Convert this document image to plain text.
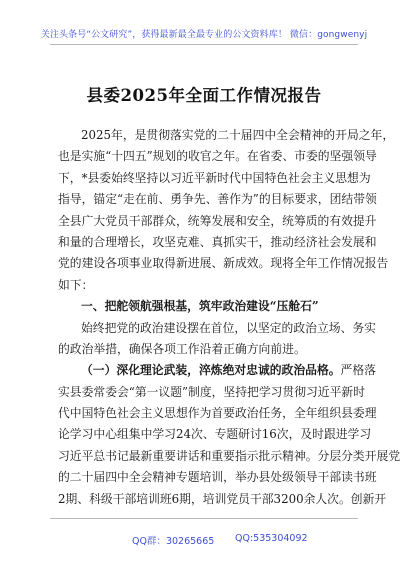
关注头条号“公文研究”，获得最新最全最专业的公文资料库！ 微信：gongwenyj
县委2025年全面工作情况报告
2025年，是贯彻落实党的二十届四中全会精神的开局之年，
也是实施“十四五”规划的收官之年。在省委、市委的坚强领导
下，*县委始终坚持以习近平新时代中国特色社会主义思想为
指导，锚定“走在前、勇争先、善作为”的目标要求，团结带领
全县广大党员干部群众，统筹发展和安全，统筹质的有效提升
和量的合理增长，攻坚克难、真抓实干，推动经济社会发展和
党的建设各项事业取得新进展、新成效。现将全年工作情况报告
如下：
一、把舵领航强根基，筑牢政治建设“压舱石”
始终把党的政治建设摆在首位，以坚定的政治立场、务实
的政治举措，确保各项工作沿着正确方向前进。
（一）深化理论武装，淬炼绝对忠诚的政治品格。严格落
实县委常委会“第一议题”制度，坚持把学习贯彻习近平新时
代中国特色社会主义思想作为首要政治任务，全年组织县委理
论学习中心组集中学习24次、专题研讨16次，及时跟进学习
习近平总书记最新重要讲话和重要指示批示精神。分层分类开展党
的二十届四中全会精神专题培训，举办县处级领导干部读书班
2期、科级干部培训班6期，培训党员干部3200余人次。创新开
QQ群：30265665 QQ:535304092
